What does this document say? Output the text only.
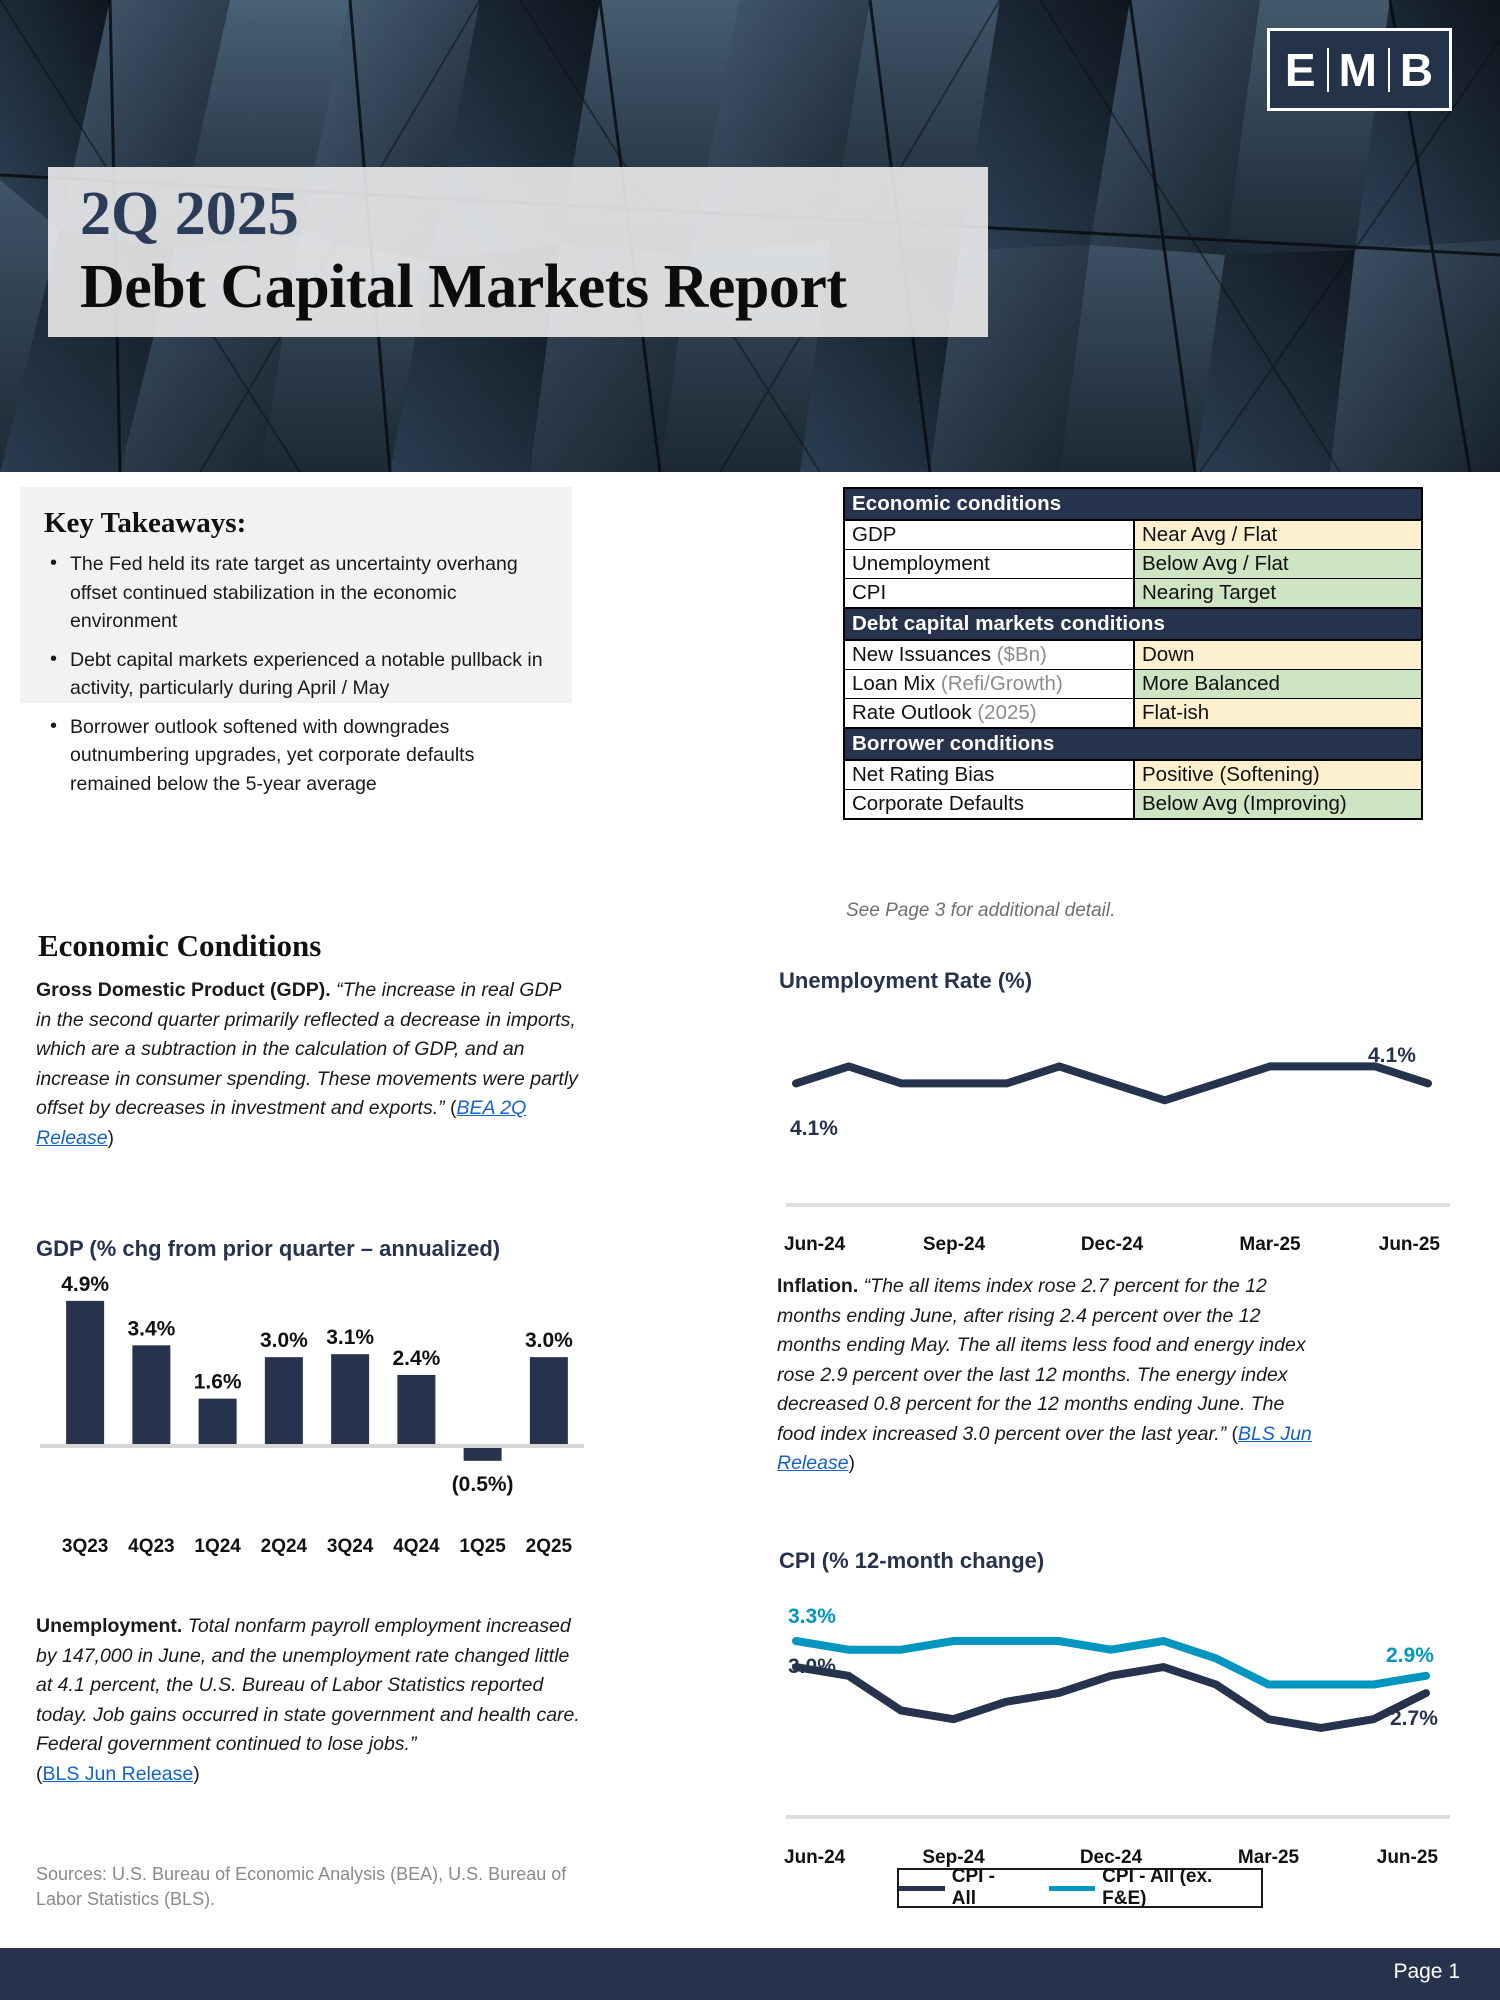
E M B
2Q 2025
Debt Capital Markets Report
Key Takeaways:
• The Fed held its rate target as uncertainty overhang offset continued stabilization in the economic environment
• Debt capital markets experienced a notable pullback in activity, particularly during April / May
• Borrower outlook softened with downgrades outnumbering upgrades, yet corporate defaults remained below the 5-year average
Economic conditions	
GDP	Near Avg / Flat
Unemployment	Below Avg / Flat
CPI	Nearing Target
Debt capital markets conditions	
New Issuances ($Bn)	Down
Loan Mix (Refi/Growth)	More Balanced
Rate Outlook (2025)	Flat-ish
Borrower conditions	
Net Rating Bias	Positive (Softening)
Corporate Defaults	Below Avg (Improving)
See Page 3 for additional detail.
Economic Conditions
Gross Domestic Product (GDP). “The increase in real GDP in the second quarter primarily reflected a decrease in imports, which are a subtraction in the calculation of GDP, and an increase in consumer spending. These movements were partly offset by decreases in investment and exports.” (BEA 2Q Release)
GDP (% chg from prior quarter – annualized)
4.9%
3.4%
1.6%
3.0% 3.1%
2.4%
(0.5%)
3.0%
3Q23 4Q23 1Q24 2Q24 3Q24 4Q24 1Q25 2Q25
Unemployment Rate (%)
4.1%
4.1%
Jun-24	Sep-24	Dec-24	Mar-25	Jun-25
Inflation. “The all items index rose 2.7 percent for the 12 months ending June, after rising 2.4 percent over the 12 months ending May. The all items less food and energy index rose 2.9 percent over the last 12 months. The energy index decreased 0.8 percent for the 12 months ending June. The food index increased 3.0 percent over the last year.” (BLS Jun Release)
CPI (% 12-month change)
3.3%
3.0%	2.9%
2.7%
Jun-24	Sep-24	Dec-24	Mar-25	Jun-25
CPI - All
CPI - All (ex. F&E)
Unemployment. Total nonfarm payroll employment increased by 147,000 in June, and the unemployment rate changed little at 4.1 percent, the U.S. Bureau of Labor Statistics reported today. Job gains occurred in state government and health care. Federal government continued to lose jobs.”
(BLS Jun Release)
Sources: U.S. Bureau of Economic Analysis (BEA), U.S. Bureau of Labor Statistics (BLS).
Page 1
